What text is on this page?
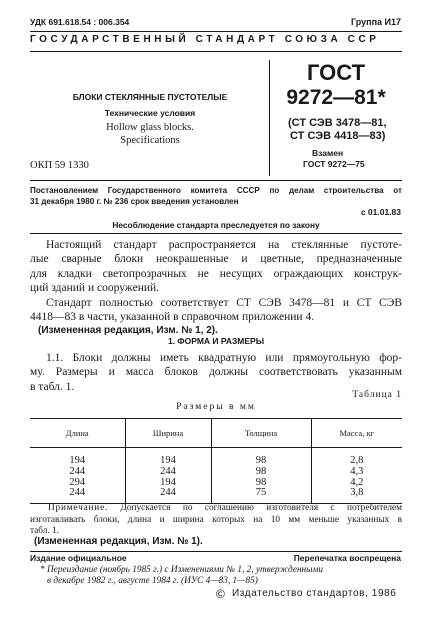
УДК 691.618.54 : 006.354	Группа И17
ГОСУДАРСТВЕННЫЙ СТАНДАРТ СОЮЗА ССР
БЛОКИ СТЕКЛЯННЫЕ ПУСТОТЕЛЫЕ
Технические условия
Hollow glass blocks.
Specifications
ОКП 59 1330
ГОСТ
9272—81*
(СТ СЭВ 3478—81,
СТ СЭВ 4418—83)
Взамен
ГОСТ 9272—75
Постановлением Государственного комитета СССР по делам строительства от
31 декабря 1980 г. № 236 срок введения установлен
с 01.01.83
Несоблюдение стандарта преследуется по закону
Настоящий стандарт распространяется на стеклянные пустоте-
лые сварные блоки неокрашенные и цветные, предназначенные
для кладки светопрозрачных не несущих ограждающих конструк-
ций зданий и сооружений.
Стандарт полностью соответствует СТ СЭВ 3478—81 и СТ СЭВ
4418—83 в части, указанной в справочном приложении 4.
(Измененная редакция, Изм. № 1, 2).
1. ФОРМА И РАЗМЕРЫ
1.1. Блоки должны иметь квадратную или прямоугольную фор-
му. Размеры и масса блоков должны соответствовать указанным
в табл. 1.
Таблица 1
Размеры в мм
Длина	Ширина	Толщина	Масса, кг
194	194	98	2,8
244	244	98	4,3
294	194	98	4,2
244	244	75	3,8
Примечание. Допускается по соглашению изготовителя с потребителем
изготавливать блоки, длина и ширина которых на 10 мм меньше указанных в
табл. 1.
(Измененная редакция, Изм. № 1).
Издание официальное	Перепечатка воспрещена
* Переиздание (ноябрь 1985 г.) с Изменениями № 1, 2, утвержденными
в декабре 1982 г., августе 1984 г. (ИУС 4—83, 1—85)
© Издательство стандартов, 1986
